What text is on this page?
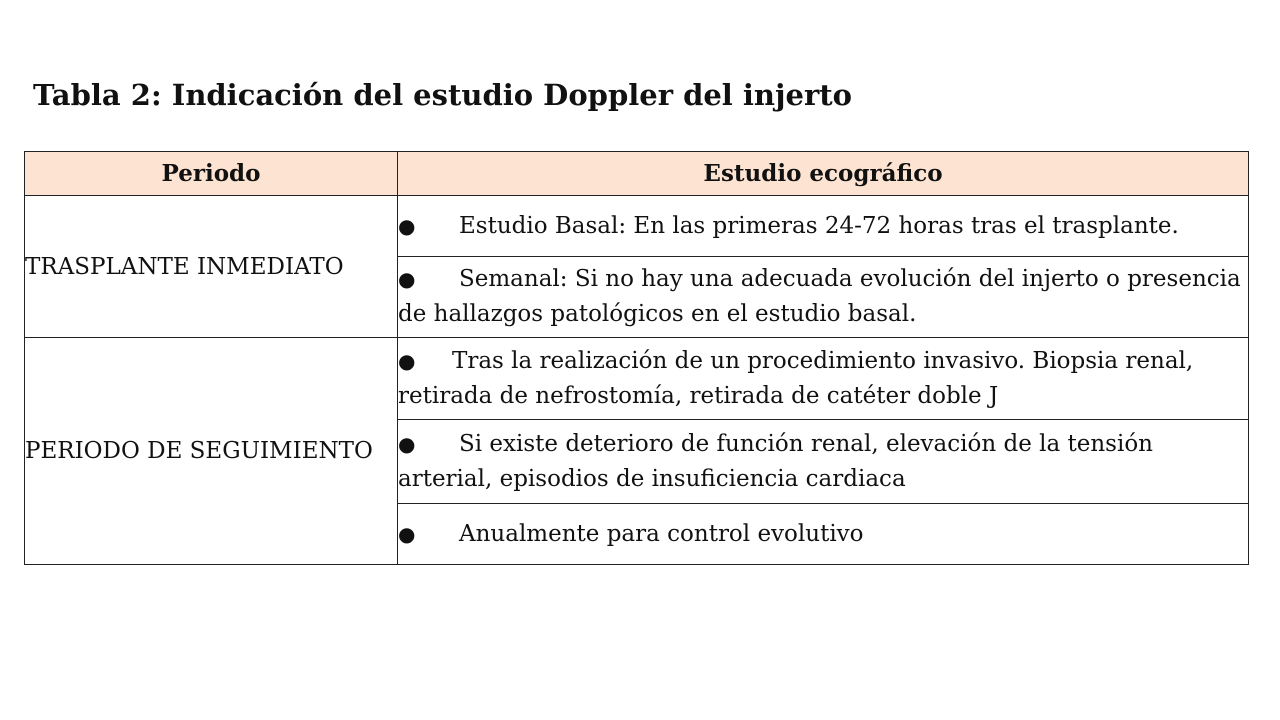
Tabla 2: Indicación del estudio Doppler del injerto
Periodo	Estudio ecográfico
TRASPLANTE INMEDIATO	● Estudio Basal: En las primeras 24-72 horas tras el trasplante.
	● Semanal: Si no hay una adecuada evolución del injerto o presencia de hallazgos patológicos en el estudio basal.
PERIODO DE SEGUIMIENTO	● Tras la realización de un procedimiento invasivo. Biopsia renal, retirada de nefrostomía, retirada de catéter doble J
	● Si existe deterioro de función renal, elevación de la tensión arterial, episodios de insuficiencia cardiaca
	● Anualmente para control evolutivo
